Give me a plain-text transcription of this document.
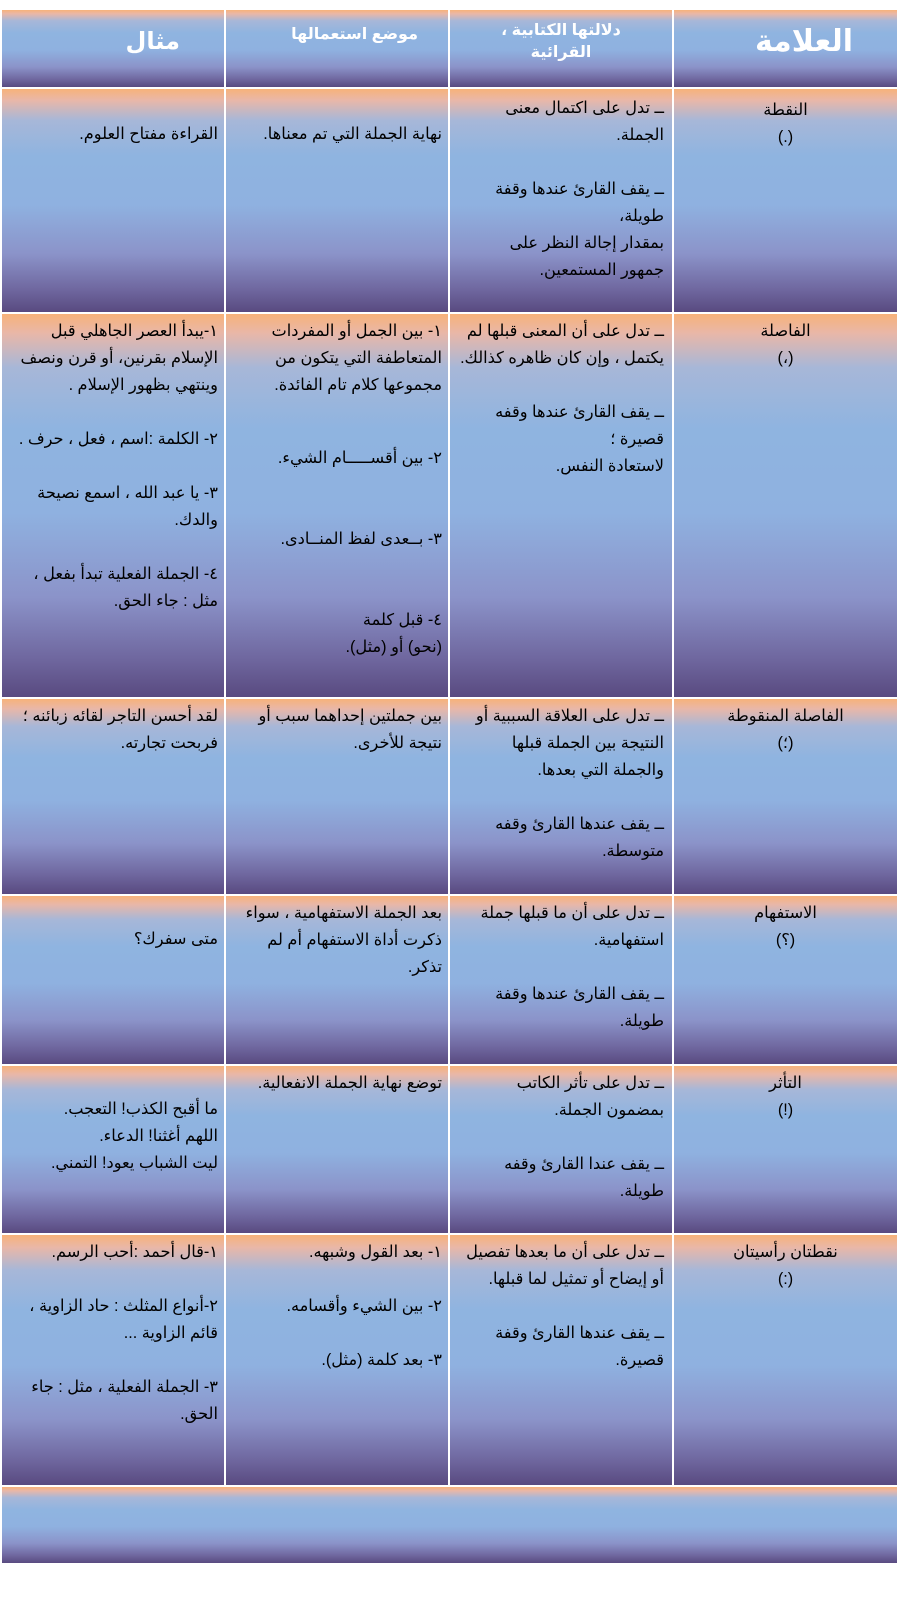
العلامة
دلالتها الكتابية ، القرائية
موضع استعمالها
مثال
النقطة
(.)
ــ تدل على اكتمال معنى الجملة.
ــ يقف القارئ عندها وقفة طويلة،
بمقدار إجالة النظر على جمهور المستمعين.
نهاية الجملة التي تم معناها.
القراءة مفتاح العلوم.
الفاصلة
(،)
ــ تدل على أن المعنى قبلها لم يكتمل ، وإن كان ظاهره كذالك.
ــ يقف القارئ عندها وقفه قصيرة ؛
لاستعادة النفس.
١- بين الجمل أو المفردات المتعاطفة التي يتكون من مجموعها كلام تام الفائدة.
٢- بين أقســـــام الشيء.
٣- بــعدى لفظ المنــادى.
٤- قبل كلمة
(نحو) أو (مثل).
١-يبدأ العصر الجاهلي قبل الإسلام بقرنين، أو قرن ونصف وينتهي بظهور الإسلام .
٢- الكلمة :اسم ، فعل ، حرف .
٣- يا عبد الله ، اسمع نصيحة والدك.
٤- الجملة الفعلية تبدأ بفعل ، مثل : جاء الحق.
الفاصلة المنقوطة
(؛)
ــ تدل على العلاقة السببية أو النتيجة بين الجملة قبلها والجملة التي بعدها.
ــ يقف عندها القارئ وقفه متوسطة.
بين جملتين إحداهما سبب أو نتيجة للأخرى.
لقد أحسن التاجر لقائه زبائنه ؛ فربحت تجارته.
الاستفهام
(؟)
ــ تدل على أن ما قبلها جملة استفهامية.
ــ يقف القارئ عندها وقفة طويلة.
بعد الجملة الاستفهامية ، سواء ذكرت أداة الاستفهام أم لم تذكر.
متى سفرك؟
التأثر
(!)
ــ تدل على تأثر الكاتب بمضمون الجملة.
ــ يقف عندا القارئ وقفه طويلة.
توضع نهاية الجملة الانفعالية.
ما أقبح الكذب! التعجب.
اللهم أغثنا! الدعاء.
ليت الشباب يعود! التمني.
نقطتان رأسيتان
(:)
ــ تدل على أن ما بعدها تفصيل أو إيضاح أو تمثيل لما قبلها.
ــ يقف عندها القارئ وقفة قصيرة.
١- بعد القول وشبهه.
٢- بين الشيء وأقسامه.
٣- بعد كلمة (مثل).
١-قال أحمد :أحب الرسم.
٢-أنواع المثلث : حاد الزاوية ، قائم الزاوية ...
٣- الجملة الفعلية ، مثل : جاء الحق.
